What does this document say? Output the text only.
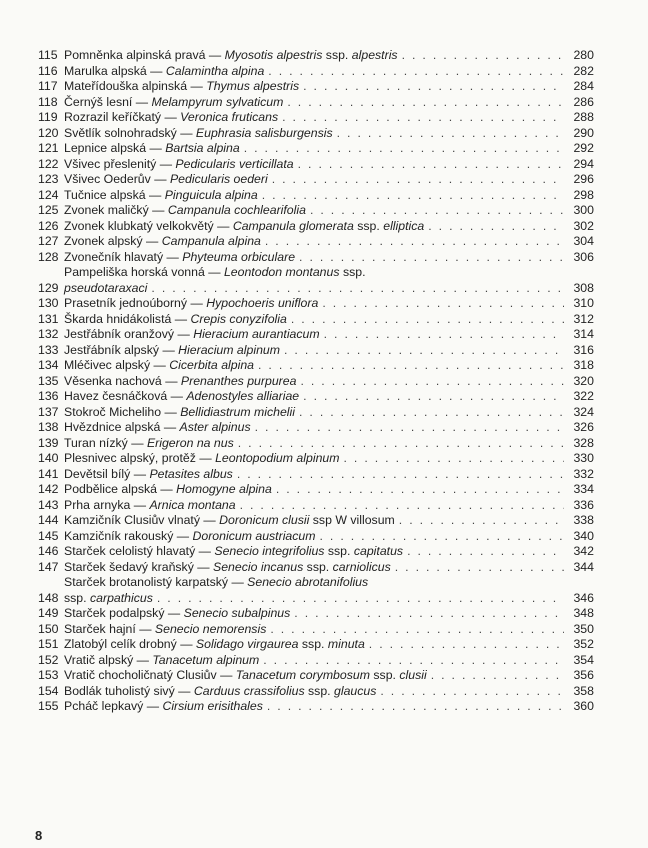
115 Pomněnka alpinská pravá — Myosotis alpestris ssp. alpestris .....	280
116 Marulka alpská — Calamintha alpina .....	282
117 Mateřídouška alpinská — Thymus alpestris .....	284
118 Černýš lesní — Melampyrum sylvaticum .....	286
119 Rozrazil keříčkatý — Veronica fruticans .....	288
120 Světlík solnohradský — Euphrasia salisburgensis .....	290
121 Lepnice alpská — Bartsia alpina .....	292
122 Všivec přeslenitý — Pedicularis verticillata .....	294
123 Všivec Oederův — Pedicularis oederi .....	296
124 Tučnice alpská — Pinguicula alpina .....	298
125 Zvonek maličký — Campanula cochlearifolia .....	300
126 Zvonek klubkatý velkokvětý — Campanula glomerata ssp. elliptica .....	302
127 Zvonek alpský — Campanula alpina .....	304
128 Zvonečník hlavatý — Phyteuma orbiculare .....	306
129
Pampeliška horská vonná — Leontodon montanus ssp.
pseudotaraxaci .....	308
130 Prasetník jednoúborný — Hypochoeris uniflora .....	310
131 Škarda hnidákolistá — Crepis conyzifolia .....	312
132 Jestřábník oranžový — Hieracium aurantiacum .....	314
133 Jestřábník alpský — Hieracium alpinum .....	316
134 Mléčivec alpský — Cicerbita alpina .....	318
135 Věsenka nachová — Prenanthes purpurea .....	320
136 Havez česnáčková — Adenostyles alliariae .....	322
137 Stokroč Micheliho — Bellidiastrum michelii .....	324
138 Hvězdnice alpská — Aster alpinus .....	326
139 Turan nízký — Erigeron na nus .....	328
140 Plesnivec alpský, protěž — Leontopodium alpinum .....	330
141 Devětsil bílý — Petasites albus .....	332
142 Podbělice alpská — Homogyne alpina .....	334
143 Prha arnyka — Arnica montana .....	336
144 Kamzičník Clusiův vlnatý — Doronicum clusii ssp W villosum .....	338
145 Kamzičník rakouský — Doronicum austriacum .....	340
146 Starček celolistý hlavatý — Senecio integrifolius ssp. capitatus .....	342
147 Starček šedavý kraňský — Senecio incanus ssp. carniolicus .....	344
148
Starček brotanolistý karpatský — Senecio abrotanifolius
ssp. carpathicus .....	346
149 Starček podalpský — Senecio subalpinus .....	348
150 Starček hajní — Senecio nemorensis .....	350
151 Zlatobýl celík drobný — Solidago virgaurea ssp. minuta .....	352
152 Vratič alpský — Tanacetum alpinum .....	354
153 Vratič chocholičnatý Clusiův — Tanacetum corymbosum ssp. clusii .....	356
154 Bodlák tuholistý sivý — Carduus crassifolius ssp. glaucus .....	358
155 Pcháč lepkavý — Cirsium erisithales .....	360
8
